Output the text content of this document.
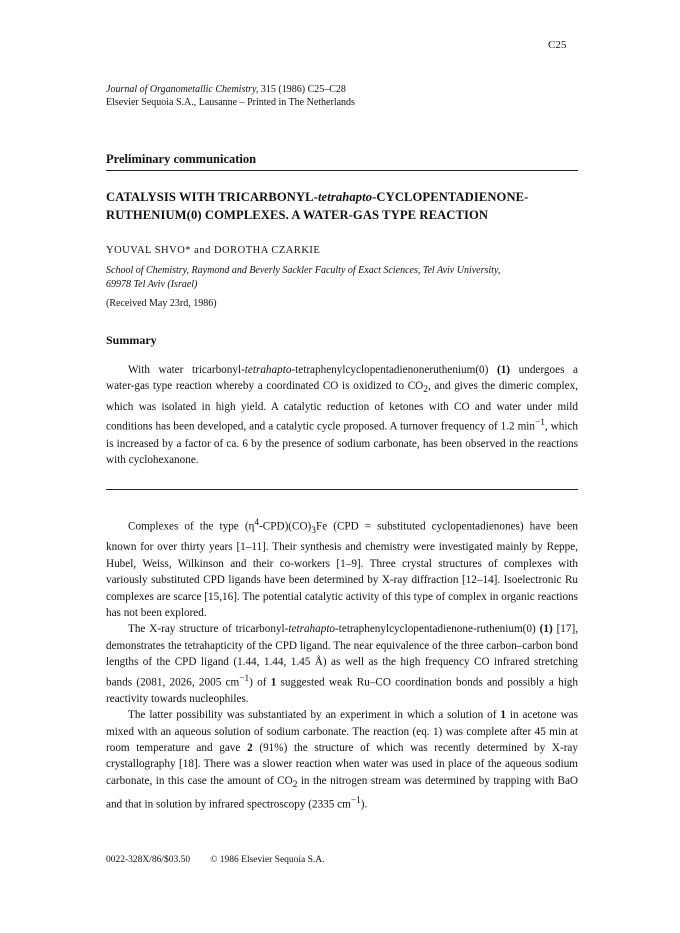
C25
Journal of Organometallic Chemistry, 315 (1986) C25–C28
Elsevier Sequoia S.A., Lausanne – Printed in The Netherlands
Preliminary communication
CATALYSIS WITH TRICARBONYL-tetrahapto-CYCLOPENTADIENONE-
RUTHENIUM(0) COMPLEXES. A WATER-GAS TYPE REACTION
YOUVAL SHVO* and DOROTHA CZARKIE
School of Chemistry, Raymond and Beverly Sackler Faculty of Exact Sciences, Tel Aviv University,
69978 Tel Aviv (Israel)
(Received May 23rd, 1986)
Summary

With water tricarbonyl-tetrahapto-tetraphenylcyclopentadienoneruthenium(0) (1) undergoes a water-gas type reaction whereby a coordinated CO is oxidized to $CO_2$, and gives the dimeric complex, which was isolated in high yield. A catalytic reduction of ketones with CO and water under mild conditions has been developed, and a catalytic cycle proposed. A turnover frequency of 1.2 $\min^{-1}$, which is increased by a factor of ca. 6 by the presence of sodium carbonate, has been observed in the reactions with cyclohexanone.

Complexes of the type $(\eta^4-CPD)(CO)_3Fe$ (CPD = substituted cyclopentadienones) have been known for over thirty years [1–11]. Their synthesis and chemistry were investigated mainly by Reppe, Hubel, Weiss, Wilkinson and their co-workers [1–9]. Three crystal structures of complexes with variously substituted CPD ligands have been determined by X-ray diffraction [12–14]. Isoelectronic Ru complexes are scarce [15,16]. The potential catalytic activity of this type of complex in organic reactions has not been explored.

The X-ray structure of tricarbonyl-tetrahapto-tetraphenylcyclopentadienone-ruthenium(0) (1) [17], demonstrates the tetrahapticity of the CPD ligand. The near equivalence of the three carbon–carbon bond lengths of the CPD ligand (1.44, 1.44, 1.45 Å) as well as the high frequency CO infrared stretching bands (2081, 2026, 2005 $cm^{-1}$) of 1 suggested weak Ru–CO coordination bonds and possibly a high reactivity towards nucleophiles.

The latter possibility was substantiated by an experiment in which a solution of 1 in acetone was mixed with an aqueous solution of sodium carbonate. The reaction (eq. 1) was complete after 45 min at room temperature and gave 2 (91%) the structure of which was recently determined by X-ray crystallography [18]. There was a slower reaction when water was used in place of the aqueous sodium carbonate, in this case the amount of $CO_2$ in the nitrogen stream was determined by trapping with BaO and that in solution by infrared spectroscopy (2335 $cm^{-1}$).

0022-328X/86/$03.50 © 1986 Elsevier Sequoia S.A.
